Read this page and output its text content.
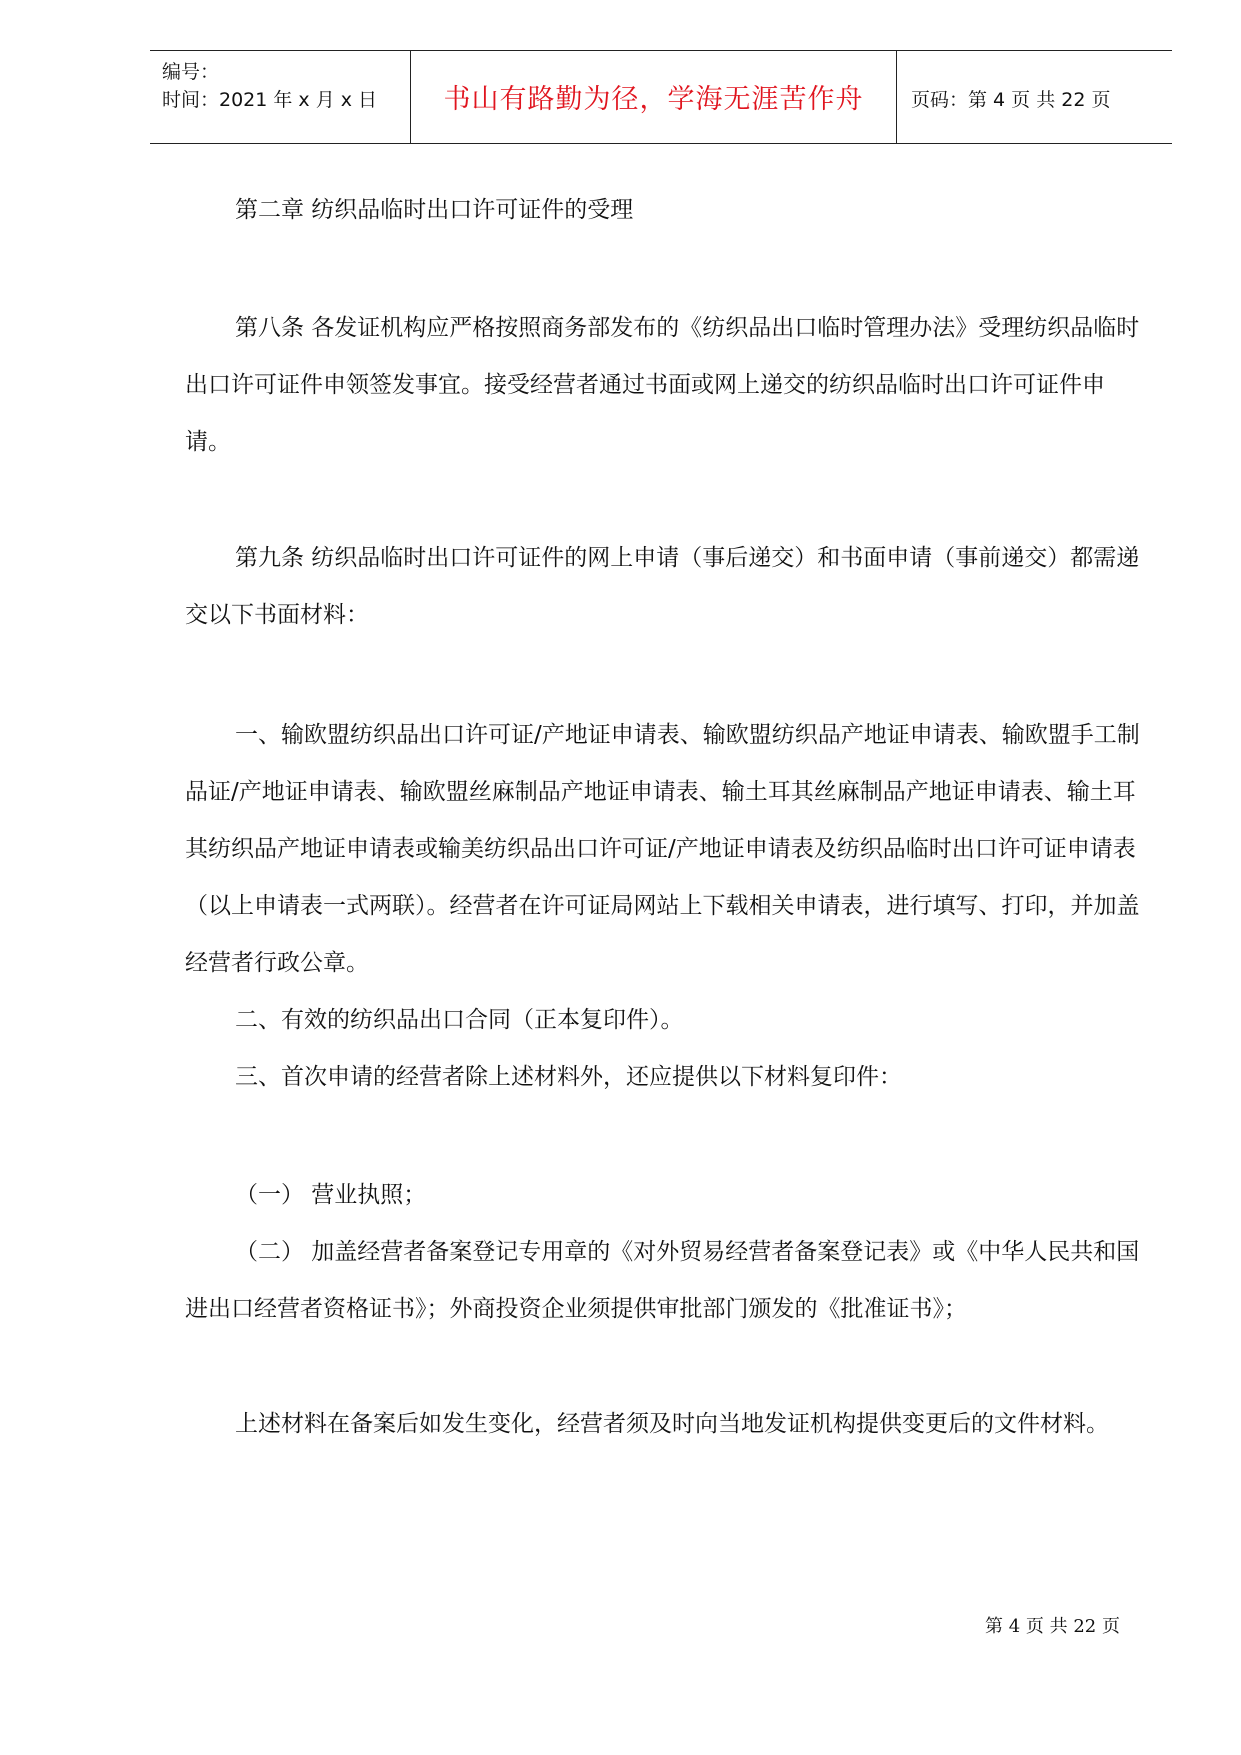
编号：
时间：2021 年 x 月 x 日	书山有路勤为径，学海无涯苦作舟	页码：第 4 页 共 22 页

第二章 纺织品临时出口许可证件的受理

第八条 各发证机构应严格按照商务部发布的《纺织品出口临时管理办法》受理纺织品临时出口许可证件申领签发事宜。接受经营者通过书面或网上递交的纺织品临时出口许可证件申请。

第九条 纺织品临时出口许可证件的网上申请（事后递交）和书面申请（事前递交）都需递交以下书面材料：

一、输欧盟纺织品出口许可证/产地证申请表、输欧盟纺织品产地证申请表、输欧盟手工制品证/产地证申请表、输欧盟丝麻制品产地证申请表、输土耳其丝麻制品产地证申请表、输土耳其纺织品产地证申请表或输美纺织品出口许可证/产地证申请表及纺织品临时出口许可证申请表（以上申请表一式两联）。经营者在许可证局网站上下载相关申请表，进行填写、打印，并加盖经营者行政公章。

二、有效的纺织品出口合同（正本复印件）。

三、首次申请的经营者除上述材料外，还应提供以下材料复印件：

（一） 营业执照；

（二） 加盖经营者备案登记专用章的《对外贸易经营者备案登记表》或《中华人民共和国进出口经营者资格证书》；外商投资企业须提供审批部门颁发的《批准证书》；

上述材料在备案后如发生变化，经营者须及时向当地发证机构提供变更后的文件材料。

第 4 页 共 22 页
